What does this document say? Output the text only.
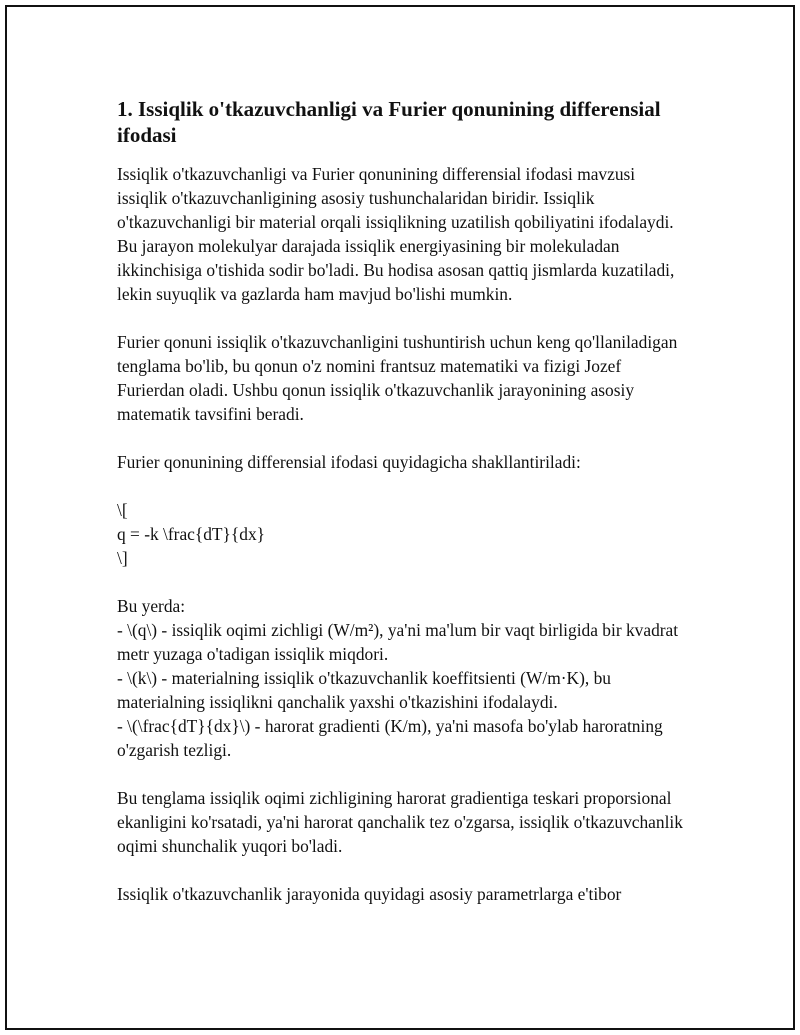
1. Issiqlik o'tkazuvchanligi va Furier qonunining differensial ifodasi

Issiqlik o'tkazuvchanligi va Furier qonunining differensial ifodasi mavzusi issiqlik o'tkazuvchanligining asosiy tushunchalaridan biridir. Issiqlik o'tkazuvchanligi bir material orqali issiqlikning uzatilish qobiliyatini ifodalaydi. Bu jarayon molekulyar darajada issiqlik energiyasining bir molekuladan ikkinchisiga o'tishida sodir bo'ladi. Bu hodisa asosan qattiq jismlarda kuzatiladi, lekin suyuqlik va gazlarda ham mavjud bo'lishi mumkin.

Furier qonuni issiqlik o'tkazuvchanligini tushuntirish uchun keng qo'llaniladigan tenglama bo'lib, bu qonun o'z nomini frantsuz matematiki va fizigi Jozef Furierdan oladi. Ushbu qonun issiqlik o'tkazuvchanlik jarayonining asosiy matematik tavsifini beradi.

Furier qonunining differensial ifodasi quyidagicha shakllantiriladi:

\[
q = -k \frac{dT}{dx}
\]

Bu yerda:
- \(q\) - issiqlik oqimi zichligi (W/m²), ya'ni ma'lum bir vaqt birligida bir kvadrat metr yuzaga o'tadigan issiqlik miqdori.
- \(k\) - materialning issiqlik o'tkazuvchanlik koeffitsienti (W/m·K), bu materialning issiqlikni qanchalik yaxshi o'tkazishini ifodalaydi.
- \(\frac{dT}{dx}\) - harorat gradienti (K/m), ya'ni masofa bo'ylab haroratning o'zgarish tezligi.

Bu tenglama issiqlik oqimi zichligining harorat gradientiga teskari proporsional ekanligini ko'rsatadi, ya'ni harorat qanchalik tez o'zgarsa, issiqlik o'tkazuvchanlik oqimi shunchalik yuqori bo'ladi.

Issiqlik o'tkazuvchanlik jarayonida quyidagi asosiy parametrlarga e'tibor
